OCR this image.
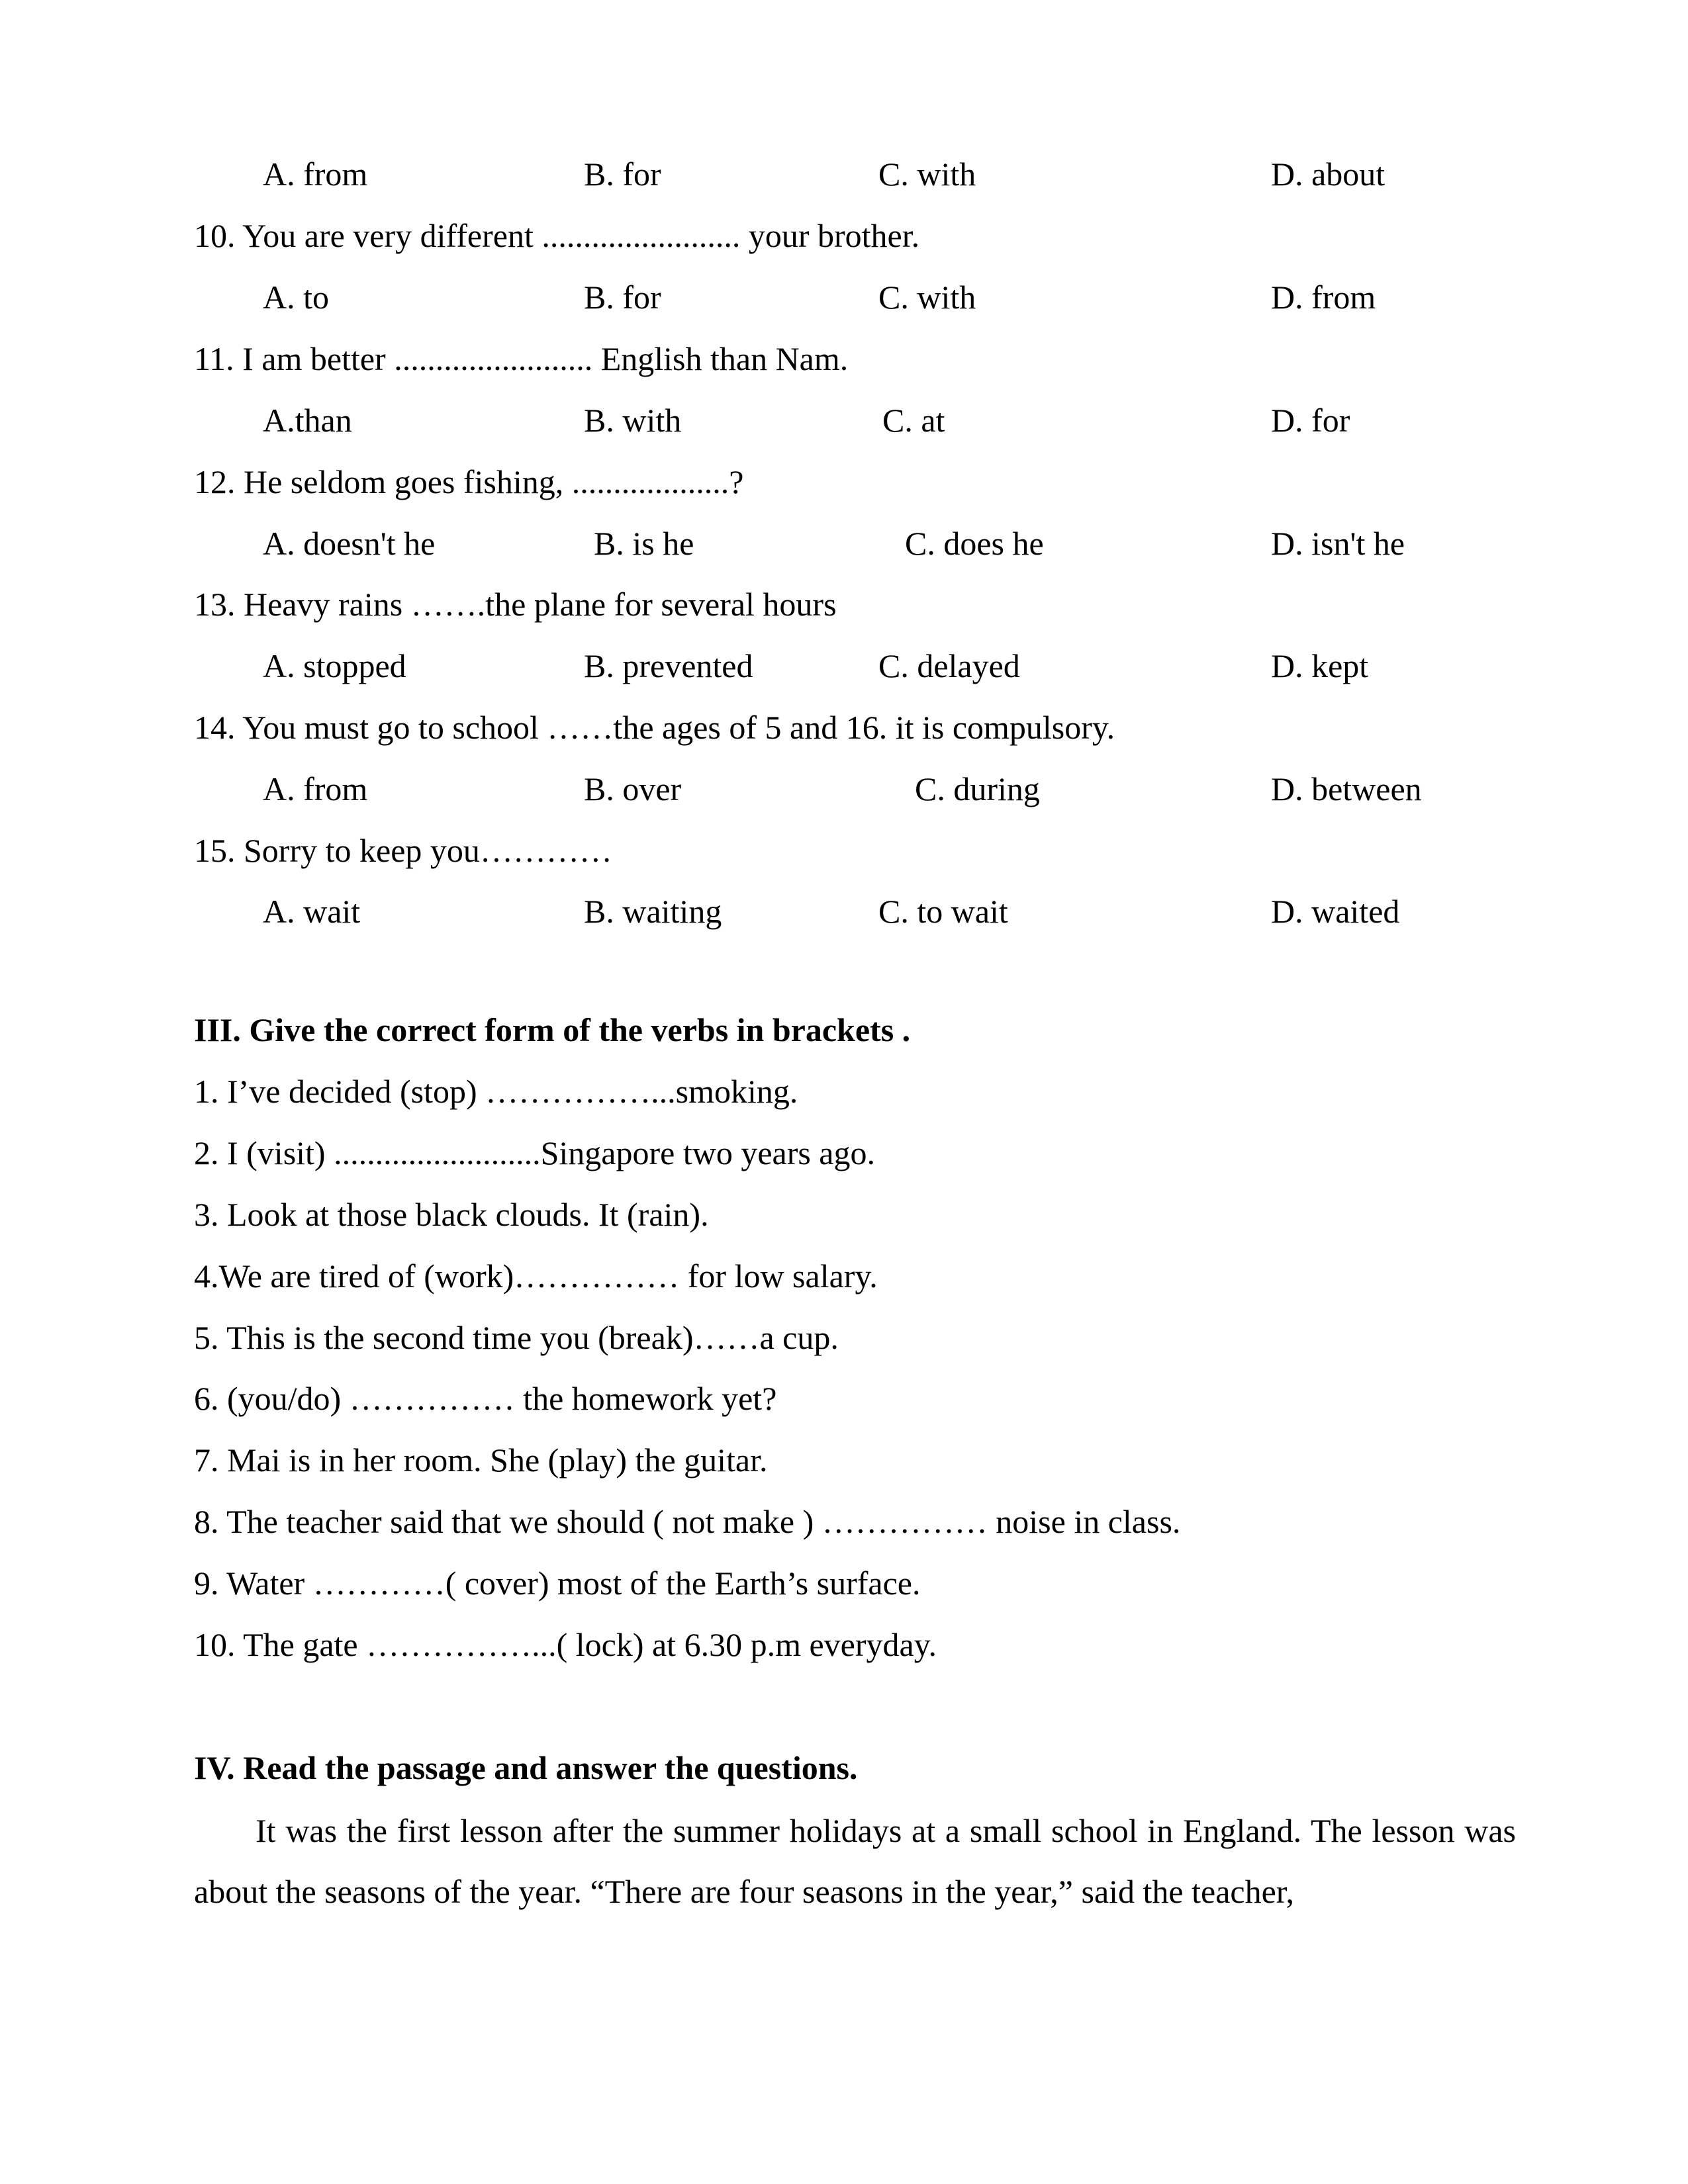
A. from	B. for	C. with	D. about
10. You are very different ........................ your brother.
A. to	B. for	C. with	D. from
11. I am better ........................ English than Nam.
A.than	B. with	C. at	D. for
12. He seldom goes fishing, ...................?
A. doesn't he	B. is he	C. does he	D. isn't he
13. Heavy rains …….the plane for several hours
A. stopped	B. prevented	C. delayed	D. kept
14. You must go to school ……the ages of 5 and 16. it is compulsory.
A. from	B. over	C. during	D. between
15. Sorry to keep you…………
A. wait	B. waiting	C. to wait	D. waited
III. Give the correct form of the verbs in brackets .
1. I’ve decided (stop) ……………...smoking.
2. I (visit) .........................Singapore two years ago.
3. Look at those black clouds. It (rain).
4.We are tired of (work)…………… for low salary.
5. This is the second time you (break)……a cup.
6. (you/do) …………… the homework yet?
7. Mai is in her room. She (play) the guitar.
8. The teacher said that we should ( not make ) …………… noise in class.
9. Water …………( cover) most of the Earth’s surface.
10. The gate ……………...( lock) at 6.30 p.m everyday.
IV. Read the passage and answer the questions.
It was the first lesson after the summer holidays at a small school in England. The lesson was about the seasons of the year. “There are four seasons in the year,” said the teacher,
